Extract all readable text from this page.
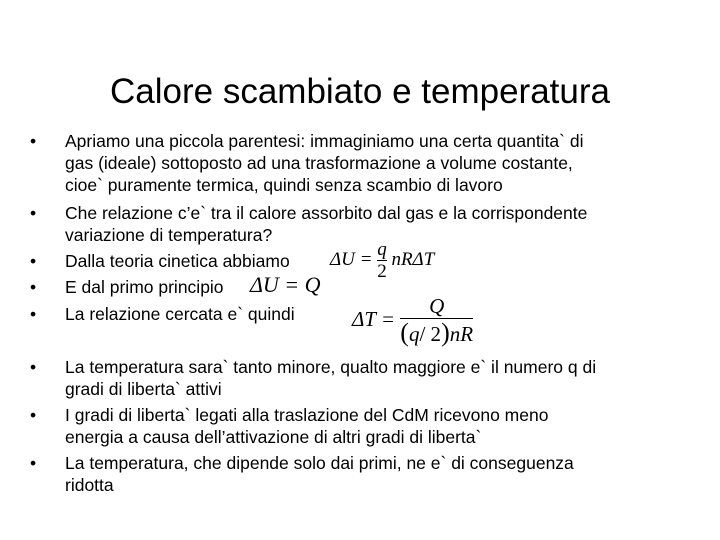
Calore scambiato e temperatura
• Apriamo una piccola parentesi: immaginiamo una certa quantita` di
gas (ideale) sottoposto ad una trasformazione a volume costante,
cioe` puramente termica, quindi senza scambio di lavoro
• Che relazione c’e` tra il calore assorbito dal gas e la corrispondente
variazione di temperatura?
• Dalla teoria cinetica abbiamo
• E dal primo principio
• La relazione cercata e` quindi
$\Delta U = \frac{q}{2}$ nRΔT
ΔU = Q
$\Delta T = \frac{Q}{(q/ 2)nR}$
• La temperatura sara` tanto minore, qualto maggiore e` il numero q di
gradi di liberta` attivi
• I gradi di liberta` legati alla traslazione del CdM ricevono meno
energia a causa dell’attivazione di altri gradi di liberta`
• La temperatura, che dipende solo dai primi, ne e` di conseguenza
ridotta
